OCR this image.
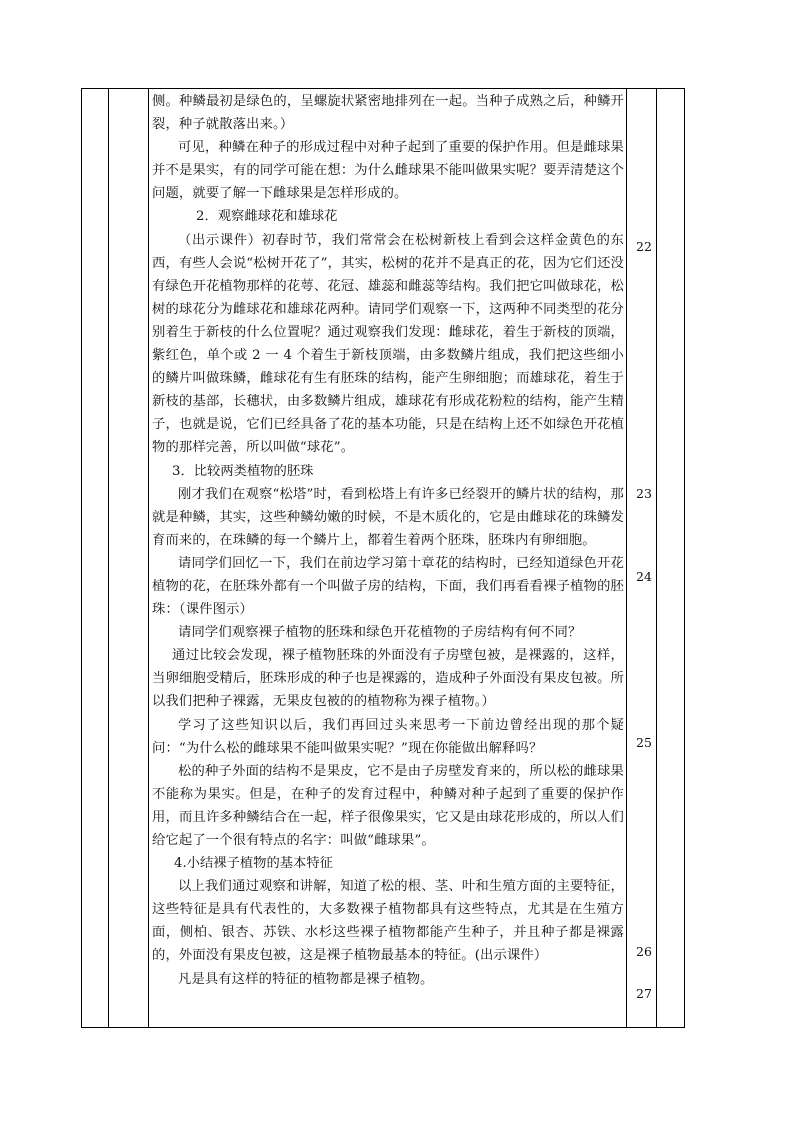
侧。种鳞最初是绿色的，呈螺旋状紧密地排列在一起。当种子成熟之后，种鳞开裂，种子就散落出来。）

可见，种鳞在种子的形成过程中对种子起到了重要的保护作用。但是雌球果并不是果实，有的同学可能在想：为什么雌球果不能叫做果实呢？要弄清楚这个问题，就要了解一下雌球果是怎样形成的。

2．观察雌球花和雄球花

（出示课件）初春时节，我们常常会在松树新枝上看到会这样金黄色的东西，有些人会说“松树开花了”，其实，松树的花并不是真正的花，因为它们还没有绿色开花植物那样的花萼、花冠、雄蕊和雌蕊等结构。我们把它叫做球花，松树的球花分为雌球花和雄球花两种。请同学们观察一下，这两种不同类型的花分别着生于新枝的什么位置呢？通过观察我们发现：雌球花，着生于新枝的顶端，紫红色，单个或 2 一 4 个着生于新枝顶端，由多数鳞片组成，我们把这些细小的鳞片叫做珠鳞，雌球花有生有胚珠的结构，能产生卵细胞；而雄球花，着生于新枝的基部，长穗状，由多数鳞片组成，雄球花有形成花粉粒的结构，能产生精子，也就是说，它们已经具备了花的基本功能，只是在结构上还不如绿色开花植物的那样完善，所以叫做“球花”。

3．比较两类植物的胚珠

刚才我们在观察“松塔”时，看到松塔上有许多已经裂开的鳞片状的结构，那就是种鳞，其实，这些种鳞幼嫩的时候，不是木质化的，它是由雌球花的珠鳞发育而来的，在珠鳞的每一个鳞片上，都着生着两个胚珠，胚珠内有卵细胞。

请同学们回忆一下，我们在前边学习第十章花的结构时，已经知道绿色开花植物的花，在胚珠外都有一个叫做子房的结构，下面，我们再看看裸子植物的胚珠：（课件图示）

请同学们观察裸子植物的胚珠和绿色开花植物的子房结构有何不同？

通过比较会发现，裸子植物胚珠的外面没有子房壁包被，是裸露的，这样，当卵细胞受精后，胚珠形成的种子也是裸露的，造成种子外面没有果皮包被。所以我们把种子裸露，无果皮包被的的植物称为裸子植物。）

学习了这些知识以后，我们再回过头来思考一下前边曾经出现的那个疑问：“为什么松的雌球果不能叫做果实呢？”现在你能做出解释吗？

松的种子外面的结构不是果皮，它不是由子房壁发育来的，所以松的雌球果不能称为果实。但是，在种子的发育过程中，种鳞对种子起到了重要的保护作用，而且许多种鳞结合在一起，样子很像果实，它又是由球花形成的，所以人们给它起了一个很有特点的名字：叫做“雌球果”。

4.小结裸子植物的基本特征

以上我们通过观察和讲解，知道了松的根、茎、叶和生殖方面的主要特征，这些特征是具有代表性的，大多数裸子植物都具有这些特点，尤其是在生殖方面，侧柏、银杏、苏铁、水杉这些裸子植物都能产生种子，并且种子都是裸露的，外面没有果皮包被，这是裸子植物最基本的特征。(出示课件）

凡是具有这样的特征的植物都是裸子植物。

22
23
24
25
26
27
